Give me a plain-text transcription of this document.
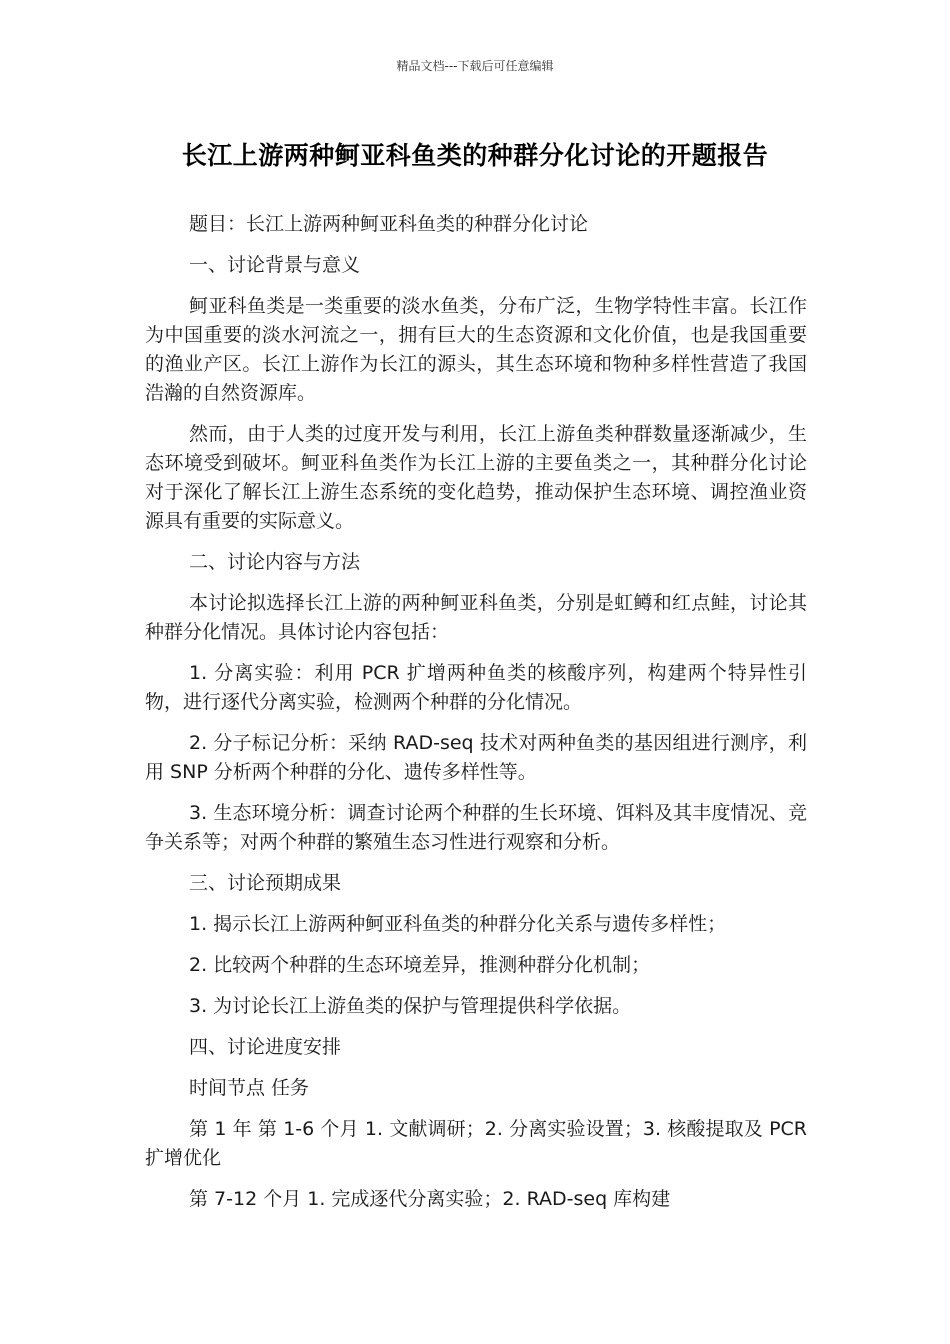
精品文档---下载后可任意编辑
长江上游两种鲄亚科鱼类的种群分化讨论的开题报告

题目：长江上游两种鲄亚科鱼类的种群分化讨论

一、讨论背景与意义

鲄亚科鱼类是一类重要的淡水鱼类，分布广泛，生物学特性丰富。长江作为中国重要的淡水河流之一，拥有巨大的生态资源和文化价值，也是我国重要的渔业产区。长江上游作为长江的源头，其生态环境和物种多样性营造了我国浩瀚的自然资源库。

然而，由于人类的过度开发与利用，长江上游鱼类种群数量逐渐减少，生态环境受到破坏。鲄亚科鱼类作为长江上游的主要鱼类之一，其种群分化讨论对于深化了解长江上游生态系统的变化趋势，推动保护生态环境、调控渔业资源具有重要的实际意义。

二、讨论内容与方法

本讨论拟选择长江上游的两种鲄亚科鱼类，分别是虹鳟和红点鲑，讨论其种群分化情况。具体讨论内容包括：

1. 分离实验：利用 PCR 扩增两种鱼类的核酸序列，构建两个特异性引物，进行逐代分离实验，检测两个种群的分化情况。

2. 分子标记分析：采纳 RAD-seq 技术对两种鱼类的基因组进行测序，利用 SNP 分析两个种群的分化、遗传多样性等。

3. 生态环境分析：调查讨论两个种群的生长环境、饵料及其丰度情况、竞争关系等；对两个种群的繁殖生态习性进行观察和分析。

三、讨论预期成果

1. 揭示长江上游两种鲄亚科鱼类的种群分化关系与遗传多样性；

2. 比较两个种群的生态环境差异，推测种群分化机制；

3. 为讨论长江上游鱼类的保护与管理提供科学依据。

四、讨论进度安排

时间节点 任务

第 1 年 第 1-6 个月 1. 文献调研；2. 分离实验设置；3. 核酸提取及 PCR 扩增优化

第 7-12 个月 1. 完成逐代分离实验；2. RAD-seq 库构建
